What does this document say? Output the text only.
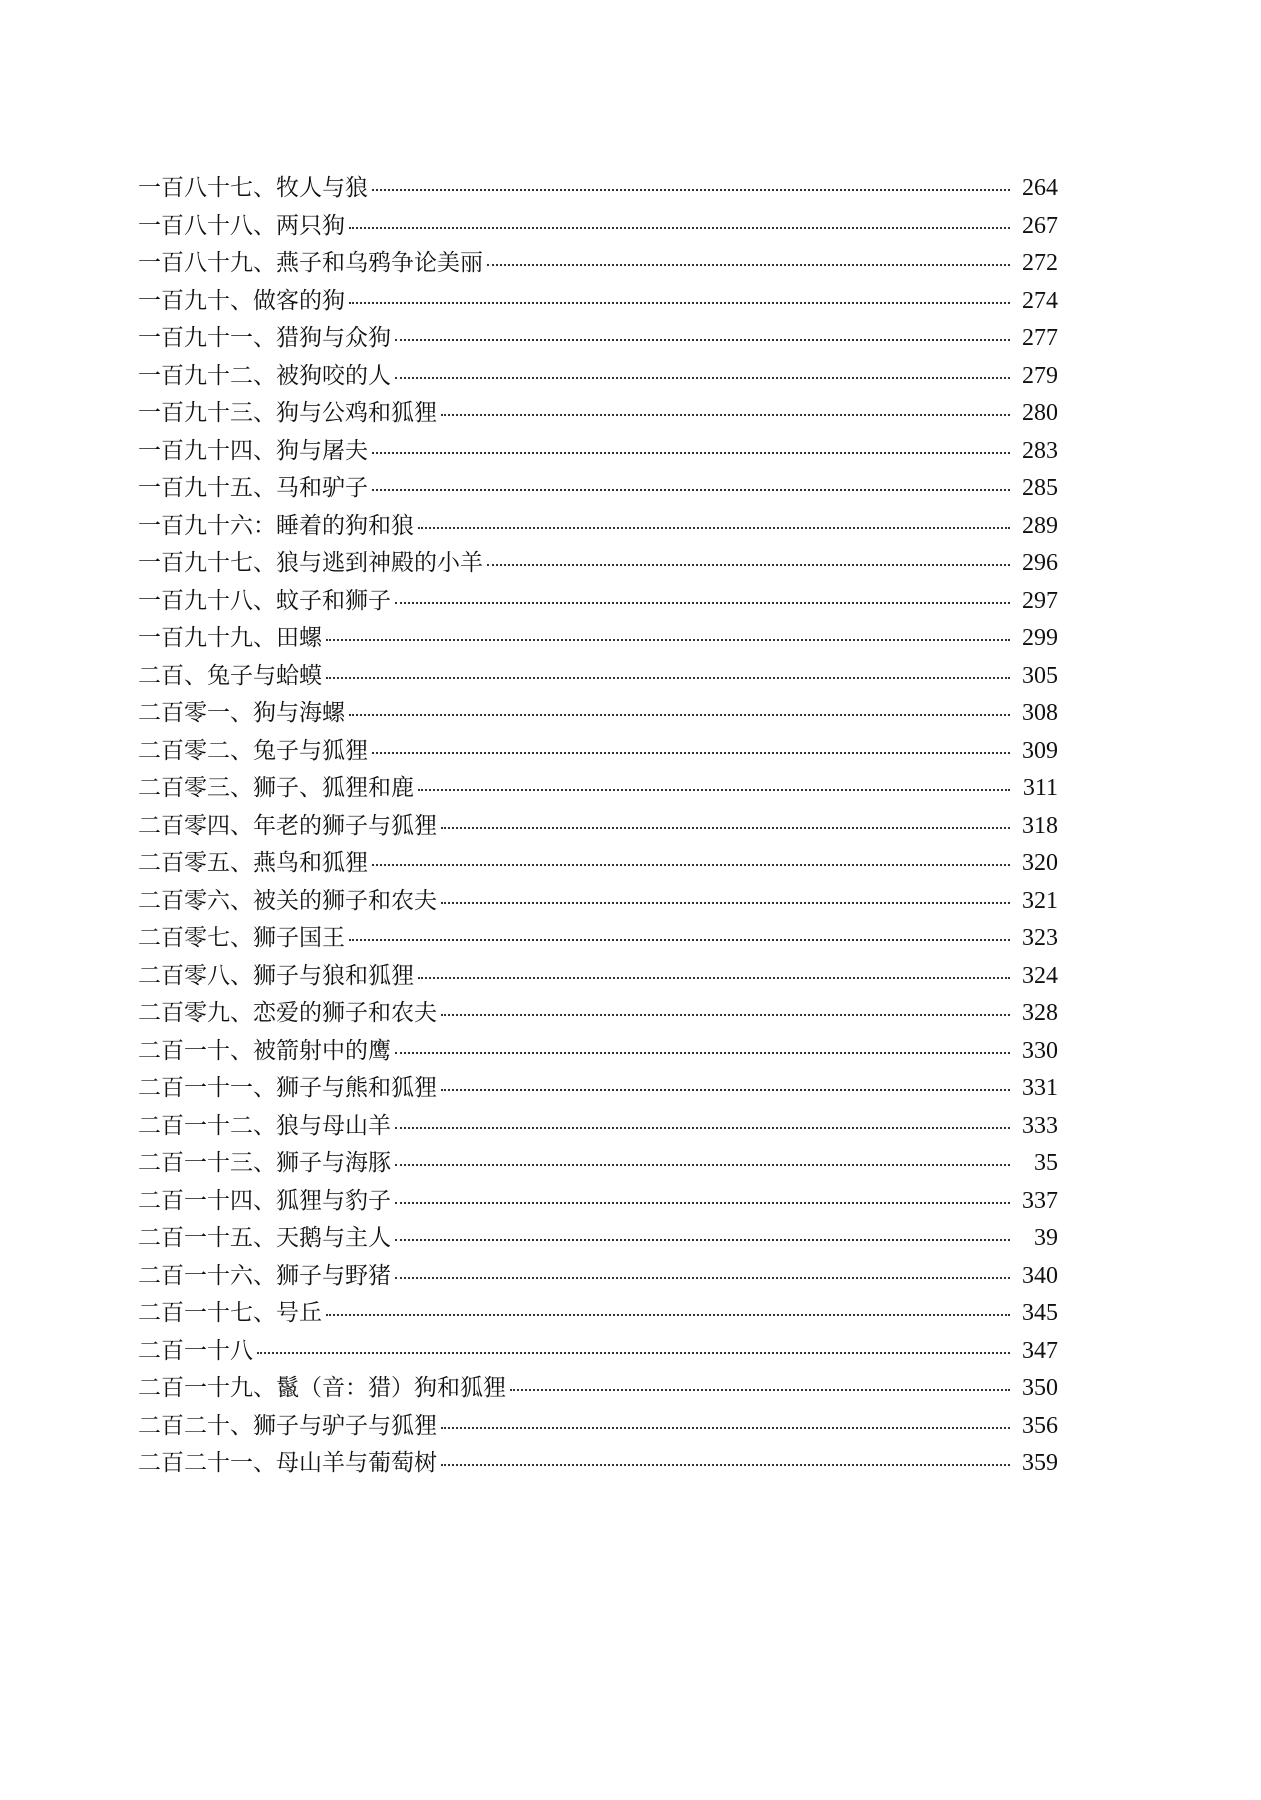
一百八十七、牧人与狼	264
一百八十八、两只狗	267
一百八十九、燕子和乌鸦争论美丽	272
一百九十、做客的狗	274
一百九十一、猎狗与众狗	277
一百九十二、被狗咬的人	279
一百九十三、狗与公鸡和狐狸	280
一百九十四、狗与屠夫	283
一百九十五、马和驴子	285
一百九十六：睡着的狗和狼	289
一百九十七、狼与逃到神殿的小羊	296
一百九十八、蚊子和狮子	297
一百九十九、田螺	299
二百、兔子与蛤蟆	305
二百零一、狗与海螺	308
二百零二、兔子与狐狸	309
二百零三、狮子、狐狸和鹿	311
二百零四、年老的狮子与狐狸	318
二百零五、燕鸟和狐狸	320
二百零六、被关的狮子和农夫	321
二百零七、狮子国王	323
二百零八、狮子与狼和狐狸	324
二百零九、恋爱的狮子和农夫	328
二百一十、被箭射中的鹰	330
二百一十一、狮子与熊和狐狸	331
二百一十二、狼与母山羊	333
二百一十三、狮子与海豚	35
二百一十四、狐狸与豹子	337
二百一十五、天鹅与主人	39
二百一十六、狮子与野猪	340
二百一十七、号丘	345
二百一十八	347
二百一十九、鬣（音：猎）狗和狐狸	350
二百二十、狮子与驴子与狐狸	356
二百二十一、母山羊与葡萄树	359
